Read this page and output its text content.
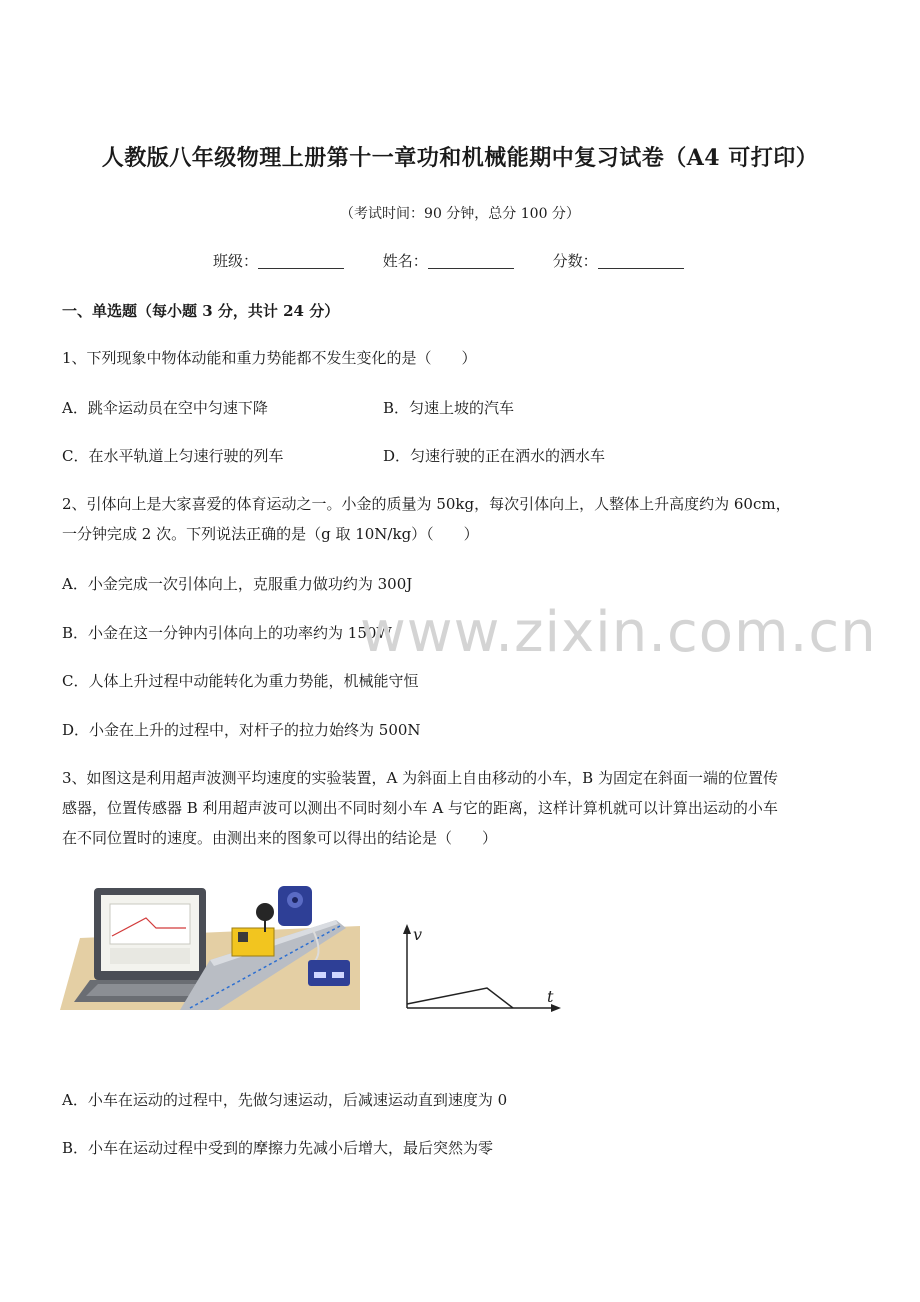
人教版八年级物理上册第十一章功和机械能期中复习试卷（A4 可打印）
（考试时间：90 分钟，总分 100 分）
班级：	姓名：	分数：
一、单选题（每小题 3 分，共计 24 分）
1、下列现象中物体动能和重力势能都不发生变化的是（　　）
A．跳伞运动员在空中匀速下降	B．匀速上坡的汽车
C．在水平轨道上匀速行驶的列车	D．匀速行驶的正在洒水的洒水车
2、引体向上是大家喜爱的体育运动之一。小金的质量为 50kg，每次引体向上，人整体上升高度约为 60cm，
一分钟完成 2 次。下列说法正确的是（g 取 10N/kg）（　　）
A．小金完成一次引体向上，克服重力做功约为 300J
B．小金在这一分钟内引体向上的功率约为 150W
C．人体上升过程中动能转化为重力势能，机械能守恒
D．小金在上升的过程中，对杆子的拉力始终为 500N
3、如图这是利用超声波测平均速度的实验装置，A 为斜面上自由移动的小车，B 为固定在斜面一端的位置传
感器，位置传感器 B 利用超声波可以测出不同时刻小车 A 与它的距离，这样计算机就可以计算出运动的小车
在不同位置时的速度。由测出来的图象可以得出的结论是（　　）
v
t
A．小车在运动的过程中，先做匀速运动，后减速运动直到速度为 0
B．小车在运动过程中受到的摩擦力先减小后增大，最后突然为零
www.zixin.com.cn
